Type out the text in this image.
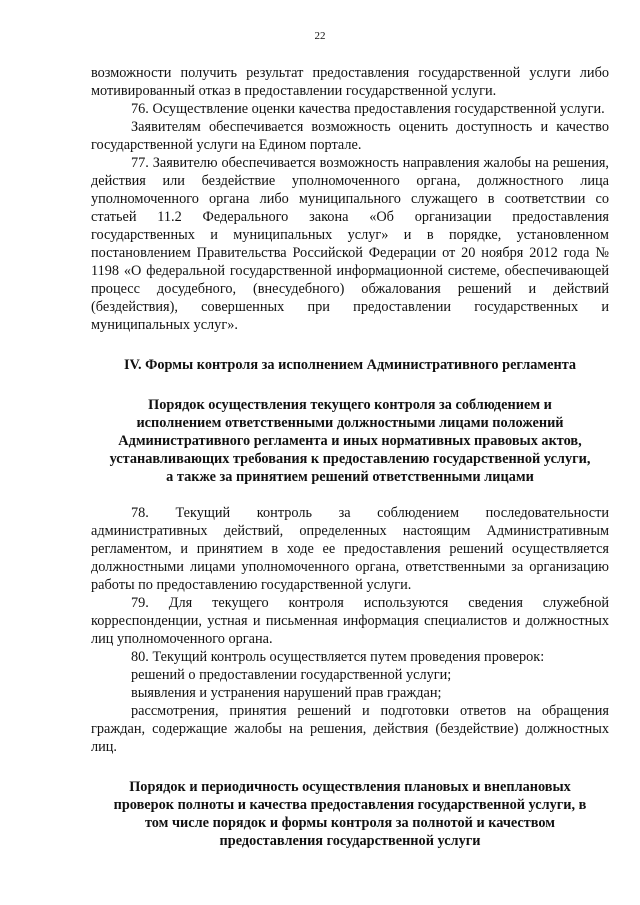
22

возможности получить результат предоставления государственной услуги либо мотивированный отказ в предоставлении государственной услуги.

76. Осуществление оценки качества предоставления государственной услуги.

Заявителям обеспечивается возможность оценить доступность и качество государственной услуги на Едином портале.

77. Заявителю обеспечивается возможность направления жалобы на решения, действия или бездействие уполномоченного органа, должностного лица уполномоченного органа либо муниципального служащего в соответствии со статьей 11.2 Федерального закона «Об организации предоставления государственных и муниципальных услуг» и в порядке, установленном постановлением Правительства Российской Федерации от 20 ноября 2012 года № 1198 «О федеральной государственной информационной системе, обеспечивающей процесс досудебного, (внесудебного) обжалования решений и действий (бездействия), совершенных при предоставлении государственных и муниципальных услуг».

IV. Формы контроля за исполнением Административного регламента

Порядок осуществления текущего контроля за соблюдением и
исполнением ответственными должностными лицами положений
Административного регламента и иных нормативных правовых актов,
устанавливающих требования к предоставлению государственной услуги,
а также за принятием решений ответственными лицами

78. Текущий контроль за соблюдением последовательности административных действий, определенных настоящим Административным регламентом, и принятием в ходе ее предоставления решений осуществляется должностными лицами уполномоченного органа, ответственными за организацию работы по предоставлению государственной услуги.

79. Для текущего контроля используются сведения служебной корреспонденции, устная и письменная информация специалистов и должностных лиц уполномоченного органа.

80. Текущий контроль осуществляется путем проведения проверок:

решений о предоставлении государственной услуги;

выявления и устранения нарушений прав граждан;

рассмотрения, принятия решений и подготовки ответов на обращения граждан, содержащие жалобы на решения, действия (бездействие) должностных лиц.

Порядок и периодичность осуществления плановых и внеплановых
проверок полноты и качества предоставления государственной услуги, в
том числе порядок и формы контроля за полнотой и качеством
предоставления государственной услуги
